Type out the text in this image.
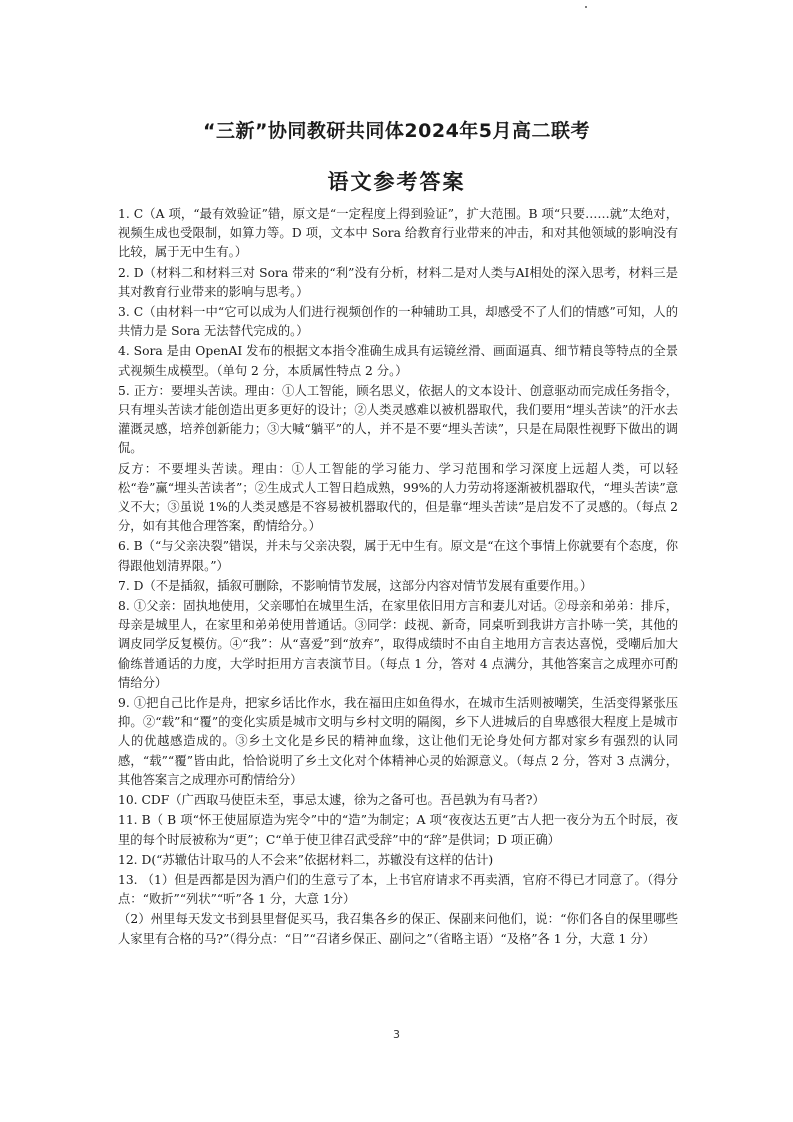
“三新”协同教研共同体2024年5月高二联考
语文参考答案

1. C（A 项，“最有效验证”错，原文是“一定程度上得到验证”，扩大范围。B 项“只要……就”太绝对，视频生成也受限制，如算力等。D 项，文本中 Sora 给教育行业带来的冲击，和对其他领域的影响没有比较，属于无中生有。）

2. D（材料二和材料三对 Sora 带来的“利”没有分析，材料二是对人类与AI相处的深入思考，材料三是其对教育行业带来的影响与思考。）

3. C（由材料一中“它可以成为人们进行视频创作的一种辅助工具，却感受不了人们的情感”可知，人的共情力是 Sora 无法替代完成的。）

4. Sora 是由 OpenAI 发布的根据文本指令准确生成具有运镜丝滑、画面逼真、细节精良等特点的全景式视频生成模型。（单句 2 分，本质属性特点 2 分。）

5. 正方：要埋头苦读。理由：①人工智能，顾名思义，依据人的文本设计、创意驱动而完成任务指令，只有埋头苦读才能创造出更多更好的设计；②人类灵感难以被机器取代，我们要用“埋头苦读”的汗水去灌溉灵感，培养创新能力；③大喊“躺平”的人，并不是不要“埋头苦读”，只是在局限性视野下做出的调侃。

反方：不要埋头苦读。理由：①人工智能的学习能力、学习范围和学习深度上远超人类，可以轻松“卷”赢“埋头苦读者”；②生成式人工智日趋成熟，99%的人力劳动将逐渐被机器取代，“埋头苦读”意义不大；③虽说 1%的人类灵感是不容易被机器取代的，但是靠“埋头苦读”是启发不了灵感的。（每点 2 分，如有其他合理答案，酌情给分。）

6. B（“与父亲决裂”错误，并未与父亲决裂，属于无中生有。原文是“在这个事情上你就要有个态度，你得跟他划清界限。”）

7. D（不是插叙，插叙可删除，不影响情节发展，这部分内容对情节发展有重要作用。）

8. ①父亲：固执地使用，父亲哪怕在城里生活，在家里依旧用方言和妻儿对话。②母亲和弟弟：排斥，母亲是城里人，在家里和弟弟使用普通话。③同学：歧视、新奇，同桌听到我讲方言扑哧一笑，其他的调皮同学反复模仿。④“我”：从“喜爱”到“放弃”，取得成绩时不由自主地用方言表达喜悦，受嘲后加大偷练普通话的力度，大学时拒用方言表演节目。（每点 1 分，答对 4 点满分，其他答案言之成理亦可酌情给分）

9. ①把自己比作是舟，把家乡话比作水，我在福田庄如鱼得水，在城市生活则被嘲笑，生活变得紧张压抑。②“载”和“覆”的变化实质是城市文明与乡村文明的隔阂，乡下人进城后的自卑感很大程度上是城市人的优越感造成的。③乡土文化是乡民的精神血缘，这让他们无论身处何方都对家乡有强烈的认同感，“载”“覆”皆由此，恰恰说明了乡土文化对个体精神心灵的始源意义。（每点 2 分，答对 3 点满分，其他答案言之成理亦可酌情给分）

10. CDF（广西取马使臣未至，事忌太遽，徐为之备可也。吾邑孰为有马者?）

11. B（ B 项“怀王使屈原造为宪令”中的“造”为制定；A 项“夜夜达五更”古人把一夜分为五个时辰，夜里的每个时辰被称为“更”；C“单于使卫律召武受辞”中的“辞”是供词；D 项正确）

12. D(“苏辙估计取马的人不会来”依据材料二，苏辙没有这样的估计)

13. （1）但是西都是因为酒户们的生意亏了本，上书官府请求不再卖酒，官府不得已才同意了。（得分点：“败折”“列状”“听”各 1 分，大意 1分）

（2）州里每天发文书到县里督促买马，我召集各乡的保正、保副来问他们，说：“你们各自的保里哪些人家里有合格的马?”（得分点：“日”“召诸乡保正、副问之”（省略主语）“及格”各 1 分，大意 1 分）

3
